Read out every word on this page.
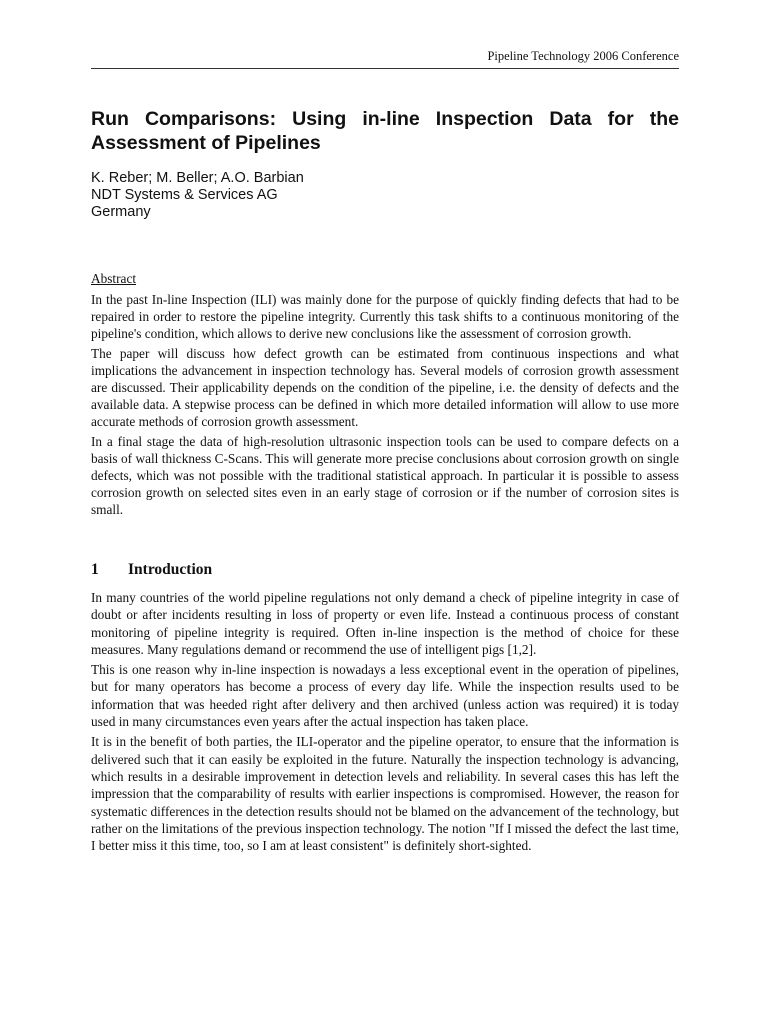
Pipeline Technology 2006 Conference
Run Comparisons: Using in-line Inspection Data for the Assessment of Pipelines
K. Reber; M. Beller; A.O. Barbian
NDT Systems & Services AG
Germany
Abstract

In the past In-line Inspection (ILI) was mainly done for the purpose of quickly finding defects that had to be repaired in order to restore the pipeline integrity. Currently this task shifts to a continuous monitoring of the pipeline's condition, which allows to derive new conclusions like the assessment of corrosion growth.

The paper will discuss how defect growth can be estimated from continuous inspections and what implications the advancement in inspection technology has. Several models of corrosion growth assessment are discussed. Their applicability depends on the condition of the pipeline, i.e. the density of defects and the available data. A stepwise process can be defined in which more detailed information will allow to use more accurate methods of corrosion growth assessment.

In a final stage the data of high-resolution ultrasonic inspection tools can be used to compare defects on a basis of wall thickness C-Scans. This will generate more precise conclusions about corrosion growth on single defects, which was not possible with the traditional statistical approach. In particular it is possible to assess corrosion growth on selected sites even in an early stage of corrosion or if the number of corrosion sites is small.

1 Introduction

In many countries of the world pipeline regulations not only demand a check of pipeline integrity in case of doubt or after incidents resulting in loss of property or even life. Instead a continuous process of constant monitoring of pipeline integrity is required. Often in-line inspection is the method of choice for these measures. Many regulations demand or recommend the use of intelligent pigs [1,2].

This is one reason why in-line inspection is nowadays a less exceptional event in the operation of pipelines, but for many operators has become a process of every day life. While the inspection results used to be information that was heeded right after delivery and then archived (unless action was required) it is today used in many circumstances even years after the actual inspection has taken place.

It is in the benefit of both parties, the ILI-operator and the pipeline operator, to ensure that the information is delivered such that it can easily be exploited in the future. Naturally the inspection technology is advancing, which results in a desirable improvement in detection levels and reliability. In several cases this has left the impression that the comparability of results with earlier inspections is compromised. However, the reason for systematic differences in the detection results should not be blamed on the advancement of the technology, but rather on the limitations of the previous inspection technology. The notion "If I missed the defect the last time, I better miss it this time, too, so I am at least consistent" is definitely short-sighted.
